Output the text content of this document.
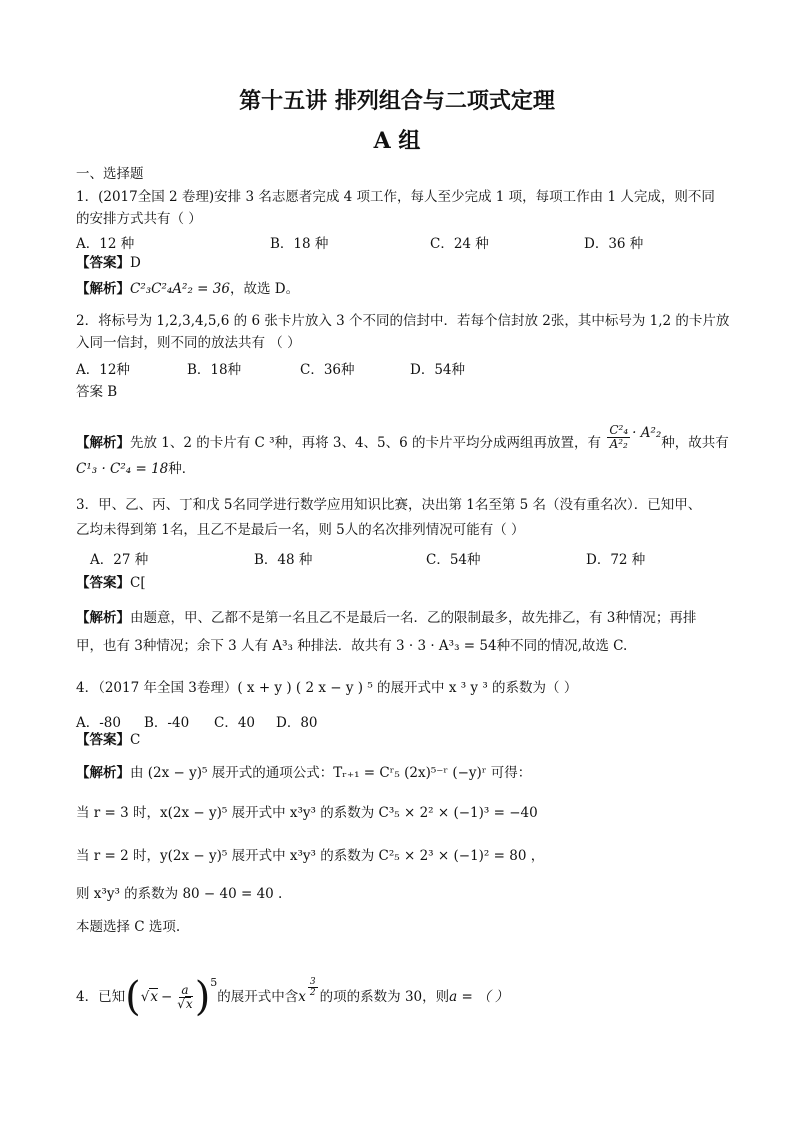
第十五讲 排列组合与二项式定理
A 组
一、选择题
1．(2017全国 2 卷理)安排 3 名志愿者完成 4 项工作，每人至少完成 1 项，每项工作由 1 人完成，则不同
的安排方式共有（ ）
A．12 种	B．18 种	C．24 种	D．36 种
【答案】D
【解析】C²₃C²₄A²₂ = 36，故选 D。
2．将标号为 1,2,3,4,5,6 的 6 张卡片放入 3 个不同的信封中．若每个信封放 2张，其中标号为 1,2 的卡片放
入同一信封，则不同的放法共有 （ ）
A．12种	B．18种	C．36种	D．54种
答案 B
【解析】先放 1、2 的卡片有 C ³种，再将 3、4、5、6 的卡片平均分成两组再放置，有 $\frac{\text{C²₄}}{\text{A²₂}} \cdot A^2_2$种，故共有
C¹₃ · C²₄ = 18种．
3．甲、乙、丙、丁和戊 5名同学进行数学应用知识比赛，决出第 1名至第 5 名（没有重名次）．已知甲、
乙均未得到第 1名，且乙不是最后一名，则 5人的名次排列情况可能有（ ）
A．27 种	B．48 种	C．54种	D．72 种
【答案】C[
【解析】由题意，甲、乙都不是第一名且乙不是最后一名．乙的限制最多，故先排乙，有 3种情况；再排
甲，也有 3种情况；余下 3 人有 A³₃ 种排法．故共有 3 · 3 · A³₃ = 54种不同的情况,故选 C.
4．（2017 年全国 3卷理）( x + y ) ( 2 x − y ) ⁵ 的展开式中 x ³ y ³ 的系数为（ ）
A．-80 B．-40 C．40 D．80
【答案】C
【解析】由 (2x − y)⁵ 展开式的通项公式：Tᵣ₊₁ = Cʳ₅ (2x)⁵⁻ʳ (−y)ʳ 可得：
当 r = 3 时，x(2x − y)⁵ 展开式中 x³y³ 的系数为 C³₅ × 2² × (−1)³ = −40
当 r = 2 时，y(2x − y)⁵ 展开式中 x³y³ 的系数为 C²₅ × 2³ × (−1)² = 80 ，
则 x³y³ 的系数为 80 − 40 = 40 .
本题选择 C 选项.
4．已知 ( $√x - \frac{a}{√x} )^5$
的展开式中含 x $\frac{3}{2}$ 的项的系数为 30，则 a = （ ）
